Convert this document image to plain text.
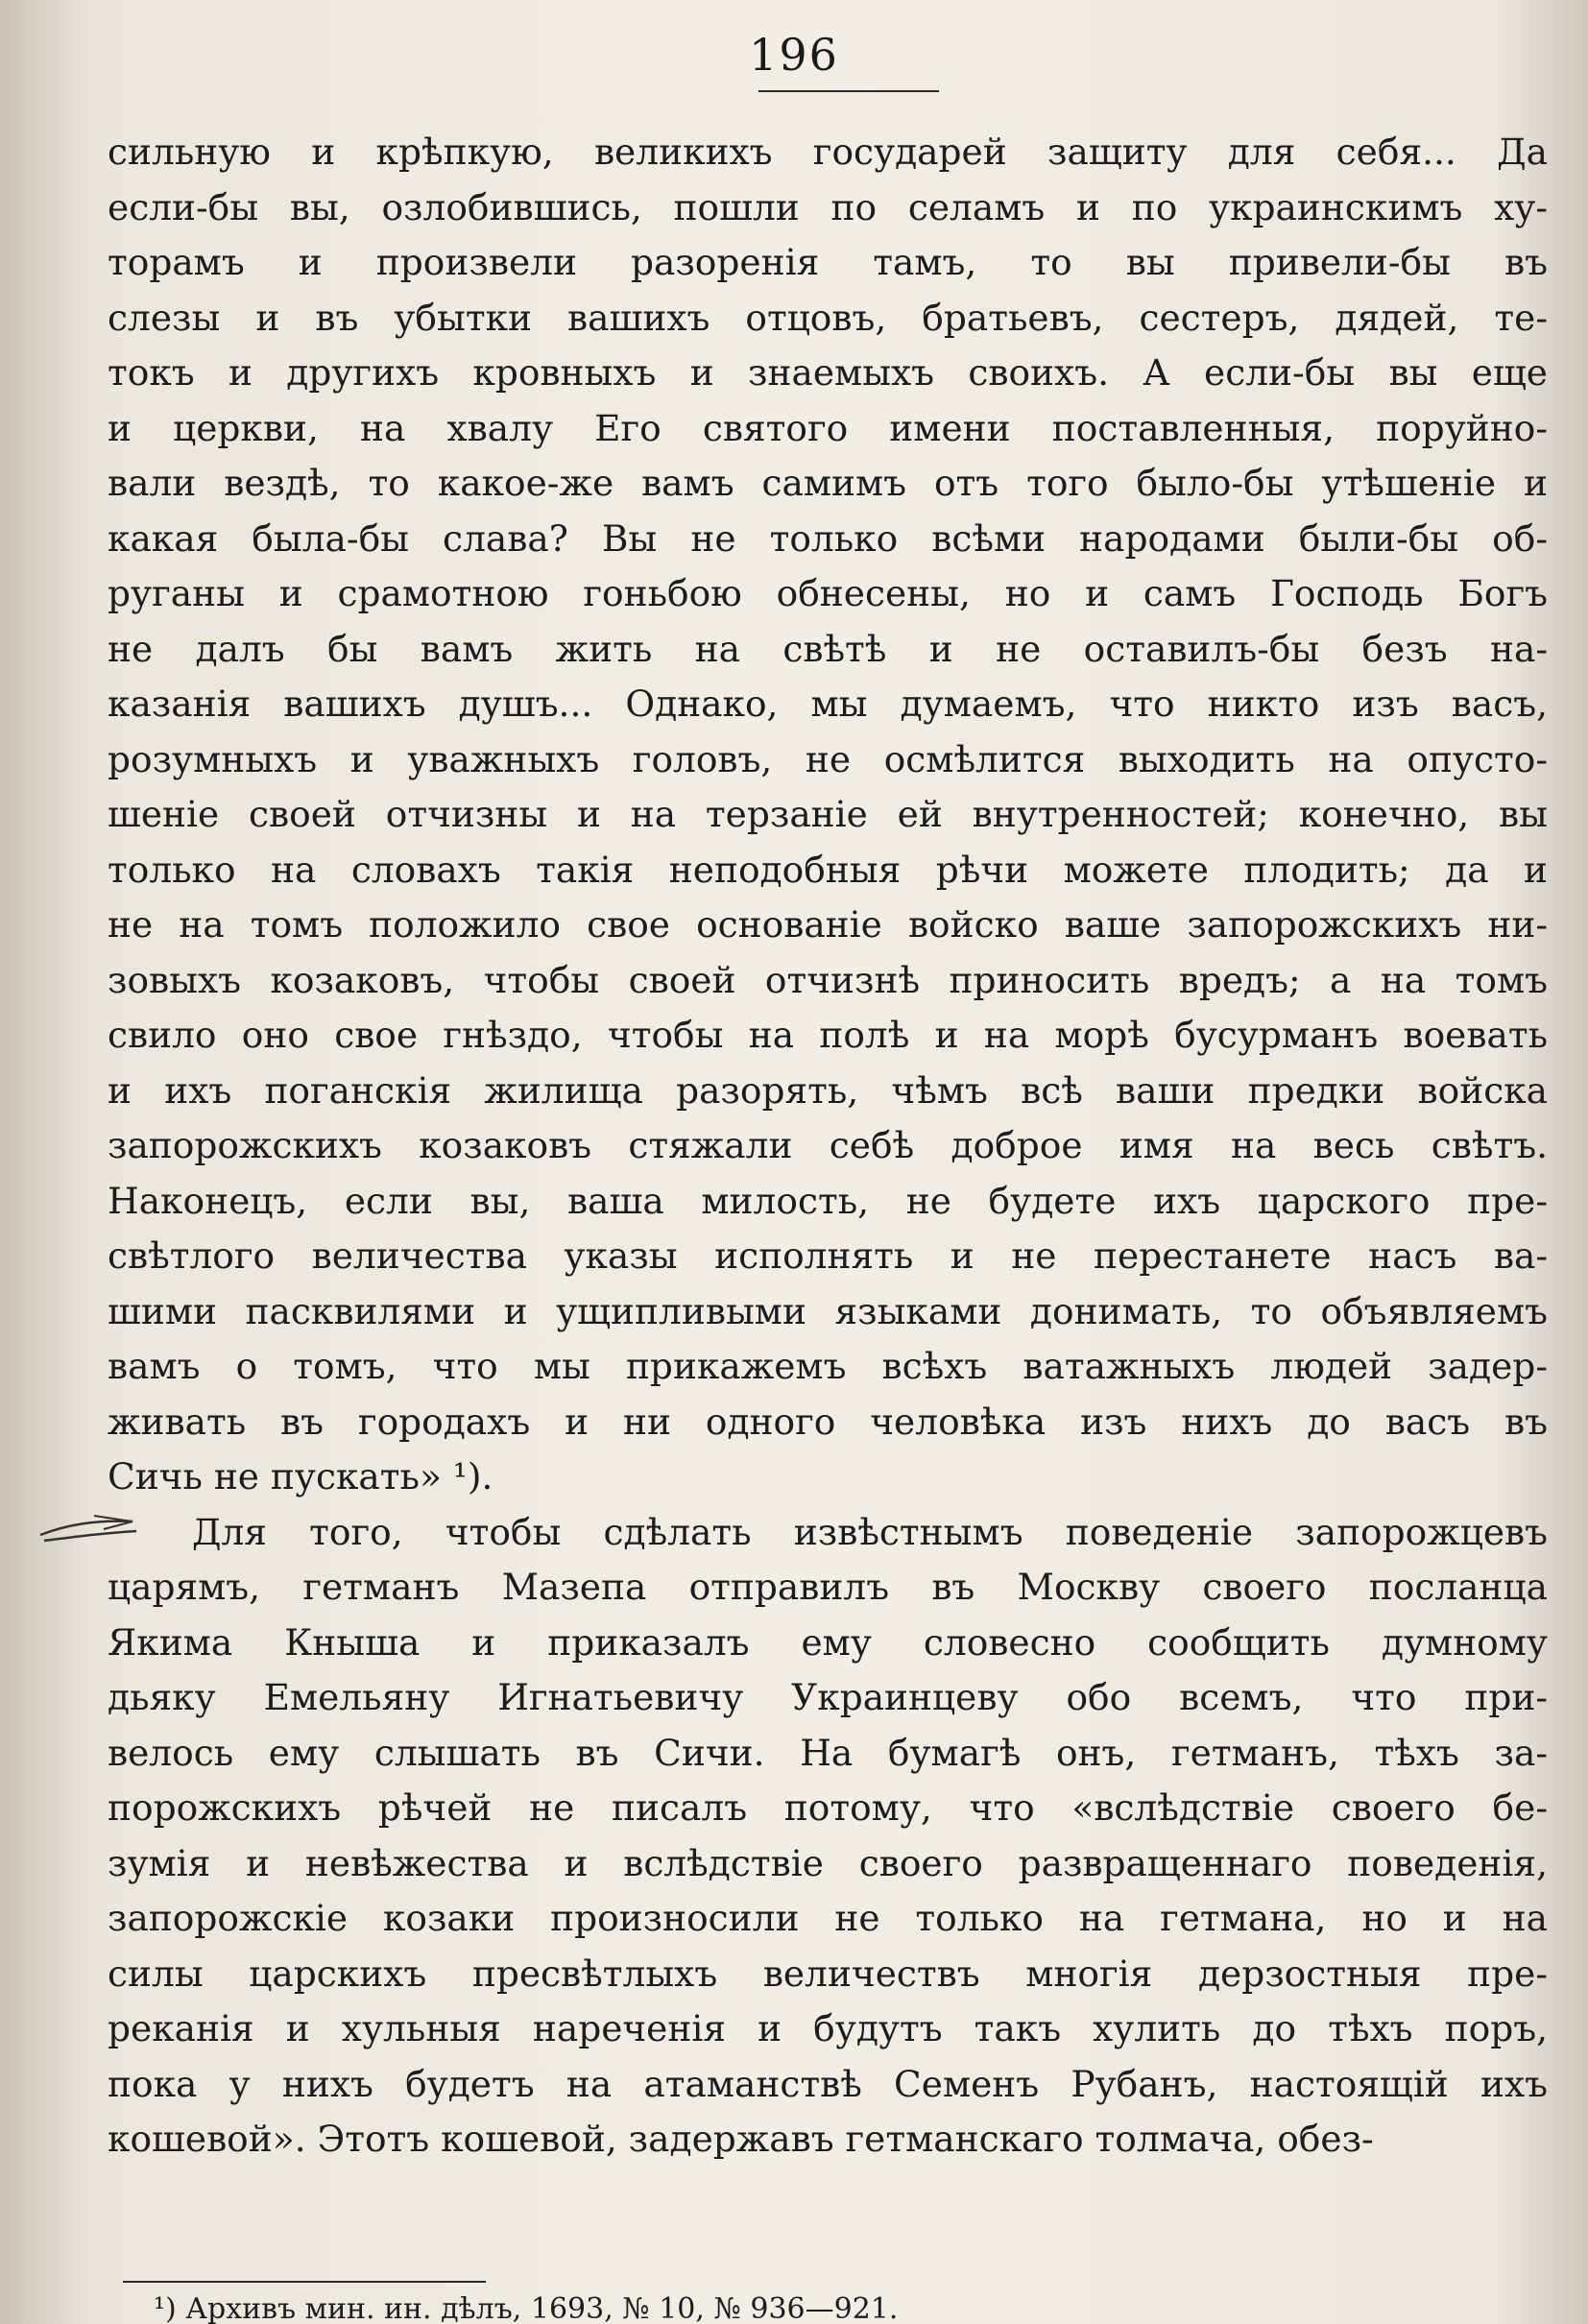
196
сильную и крѣпкую, великихъ государей защиту для себя... Да
если-бы вы, озлобившись, пошли по селамъ и по украинскимъ ху-
торамъ и произвели разоренія тамъ, то вы привели-бы въ
слезы и въ убытки вашихъ отцовъ, братьевъ, сестеръ, дядей, те-
токъ и другихъ кровныхъ и знаемыхъ своихъ. А если-бы вы еще
и церкви, на хвалу Его святого имени поставленныя, поруйно-
вали вездѣ, то какое-же вамъ самимъ отъ того было-бы утѣшеніе и
какая была-бы слава? Вы не только всѣми народами были-бы об-
руганы и срамотною гоньбою обнесены, но и самъ Господь Богъ
не далъ бы вамъ жить на свѣтѣ и не оставилъ-бы безъ на-
казанія вашихъ душъ... Однако, мы думаемъ, что никто изъ васъ,
розумныхъ и уважныхъ головъ, не осмѣлится выходить на опусто-
шеніе своей отчизны и на терзаніе ей внутренностей; конечно, вы
только на словахъ такія неподобныя рѣчи можете плодить; да и
не на томъ положило свое основаніе войско ваше запорожскихъ ни-
зовыхъ козаковъ, чтобы своей отчизнѣ приносить вредъ; а на томъ
свило оно свое гнѣздо, чтобы на полѣ и на морѣ бусурманъ воевать
и ихъ поганскія жилища разорять, чѣмъ всѣ ваши предки войска
запорожскихъ козаковъ стяжали себѣ доброе имя на весь свѣтъ.
Наконецъ, если вы, ваша милость, не будете ихъ царского пре-
свѣтлого величества указы исполнять и не перестанете насъ ва-
шими пасквилями и ущипливыми языками донимать, то объявляемъ
вамъ о томъ, что мы прикажемъ всѣхъ ватажныхъ людей задер-
живать въ городахъ и ни одного человѣка изъ нихъ до васъ въ
Сичь не пускать» ¹).
Для того, чтобы сдѣлать извѣстнымъ поведеніе запорожцевъ
царямъ, гетманъ Мазепа отправилъ въ Москву своего посланца
Якима Кныша и приказалъ ему словесно сообщить думному
дьяку Емельяну Игнатьевичу Украинцеву обо всемъ, что при-
велось ему слышать въ Сичи. На бумагѣ онъ, гетманъ, тѣхъ за-
порожскихъ рѣчей не писалъ потому, что «вслѣдствіе своего бе-
зумія и невѣжества и вслѣдствіе своего развращеннаго поведенія,
запорожскіе козаки произносили не только на гетмана, но и на
силы царскихъ пресвѣтлыхъ величествъ многія дерзостныя пре-
реканія и хульныя нареченія и будутъ такъ хулить до тѣхъ поръ,
пока у нихъ будетъ на атаманствѣ Семенъ Рубанъ, настоящій ихъ
кошевой». Этотъ кошевой, задержавъ гетманскаго толмача, обез-
¹) Архивъ мин. ин. дѣлъ, 1693, № 10, № 936—921.
